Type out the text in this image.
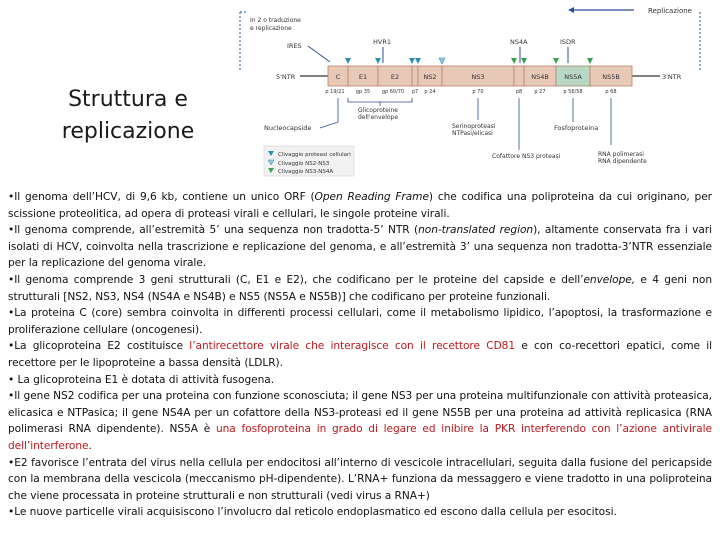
Struttura e
replicazione
In 2 o traduzione
e replicazione
Replicazione
IRES	HVR1	NS4A	ISDR
5'NTR	3'NTR
C	E1	E2	NS2	NS3	NS4B NS5A	NS5B
p 19/21 gp 35 gp 60/70 p7 p 24	p 70	p8 p 27	p 56/58	p 68
Glicoproteine
dell'envelope
Nucleocapside	Serinoproteasi
NTPasi/elicasi
Fosfoproteina
Cofattore NS3 proteasi	RNA polimerasi
RNA dipendente
Clivaggio proteasi cellulari
Clivaggio NS2-NS3
Clivaggio NS3-NS4A

•Il genoma dell’HCV, di 9,6 kb, contiene un unico ORF (Open Reading Frame) che codifica una poliproteina da cui originano, per scissione proteolitica, ad opera di proteasi virali e cellulari, le singole proteine virali.

•Il genoma comprende, all’estremità 5’ una sequenza non tradotta-5’ NTR (non-translated region), altamente conservata fra i vari isolati di HCV, coinvolta nella trascrizione e replicazione del genoma, e all’estremità 3’ una sequenza non tradotta-3’NTR essenziale per la replicazione del genoma virale.

•Il genoma comprende 3 geni strutturali (C, E1 e E2), che codificano per le proteine del capside e dell’envelope, e 4 geni non strutturali [NS2, NS3, NS4 (NS4A e NS4B) e NS5 (NS5A e NS5B)] che codificano per proteine funzionali.

•La proteina C (core) sembra coinvolta in differenti processi cellulari, come il metabolismo lipidico, l’apoptosi, la trasformazione e proliferazione cellulare (oncogenesi).

•La glicoproteina E2 costituisce l’antirecettore virale che interagisce con il recettore CD81 e con co-recettori epatici, come il recettore per le lipoproteine a bassa densità (LDLR).

• La glicoproteina E1 è dotata di attività fusogena.

•Il gene NS2 codifica per una proteina con funzione sconosciuta; il gene NS3 per una proteina multifunzionale con attività proteasica, elicasica e NTPasica; il gene NS4A per un cofattore della NS3-proteasi ed il gene NS5B per una proteina ad attività replicasica (RNA polimerasi RNA dipendente). NS5A è una fosfoproteina in grado di legare ed inibire la PKR interferendo con l’azione antivirale dell’interferone.

•E2 favorisce l’entrata del virus nella cellula per endocitosi all’interno di vescicole intracellulari, seguita dalla fusione del pericapside con la membrana della vescicola (meccanismo pH-dipendente). L’RNA+ funziona da messaggero e viene tradotto in una poliproteina che viene processata in proteine strutturali e non strutturali (vedi virus a RNA+)

•Le nuove particelle virali acquisiscono l’involucro dal reticolo endoplasmatico ed escono dalla cellula per esocitosi.
